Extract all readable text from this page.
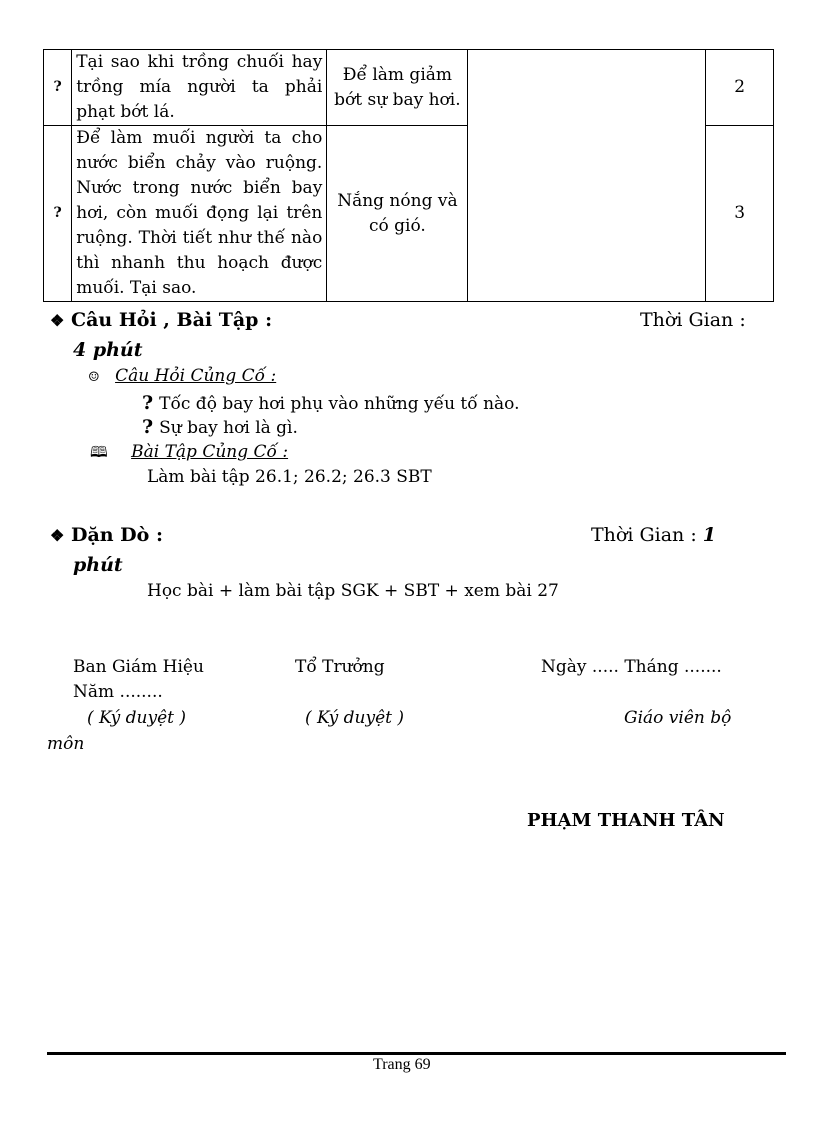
?	Tại sao khi trồng chuối hay trồng mía người ta phải phạt bớt lá.	Để làm giảm bớt sự bay hơi.		2
?	Để làm muối người ta cho nước biển chảy vào ruộng. Nước trong nước biển bay hơi, còn muối đọng lại trên ruộng. Thời tiết như thế nào thì nhanh thu hoạch được muối. Tại sao.	Nắng nóng và có gió.		3
❖ Câu Hỏi , Bài Tập :	Thời Gian :
4 phút
☺ Câu Hỏi Củng Cố :
? Tốc độ bay hơi phụ vào những yếu tố nào.
? Sự bay hơi là gì.
🕮 Bài Tập Củng Cố :
Làm bài tập 26.1; 26.2; 26.3 SBT
❖ Dặn Dò :	Thời Gian : 1
phút
Học bài + làm bài tập SGK + SBT + xem bài 27
Ban Giám Hiệu	Tổ Trưởng	Ngày ..... Tháng .......
Năm ........
( Ký duyệt )	( Ký duyệt )	Giáo viên bộ
môn
PHẠM THANH TÂN
Trang 69
